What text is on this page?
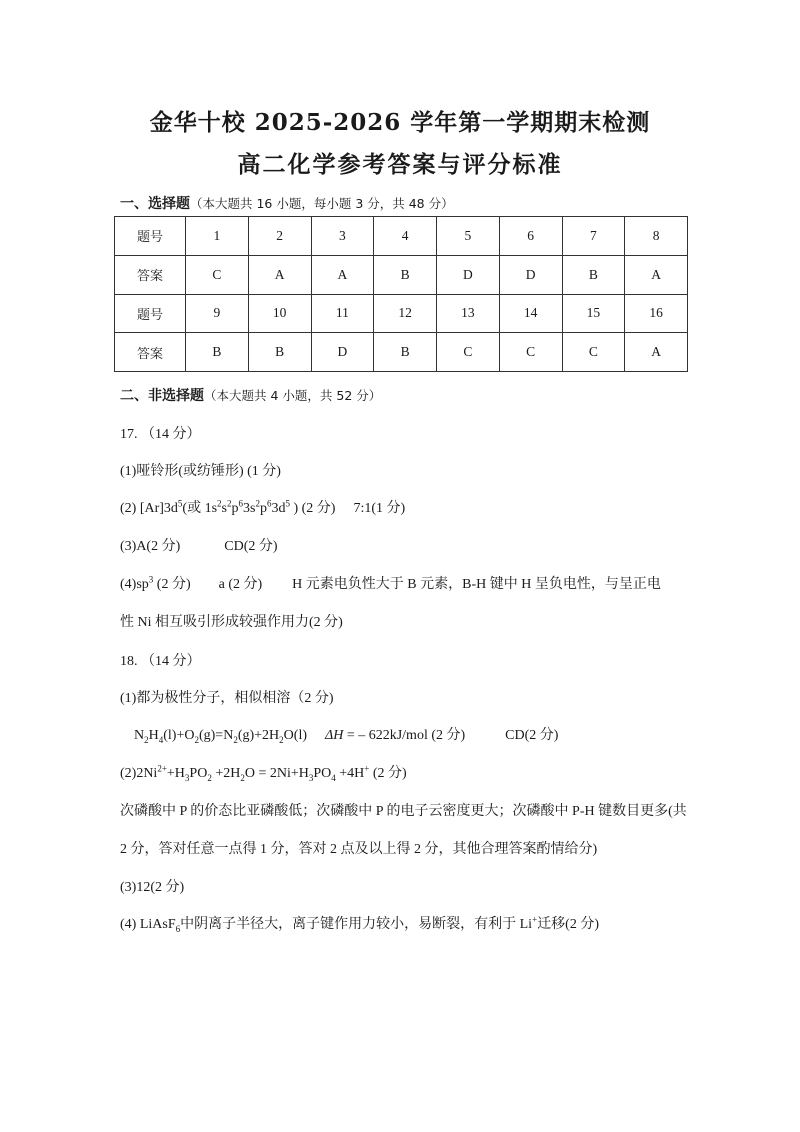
金华十校 2025-2026 学年第一学期期末检测
高二化学参考答案与评分标准
一、选择题（本大题共 16 小题，每小题 3 分，共 48 分）
题号	1	2	3	4	5	6	7	8
答案	C	A	A	B	D	D	B	A
题号	9	10	11	12	13	14	15	16
答案	B	B	D	B	C	C	C	A
二、非选择题（本大题共 4 小题，共 52 分）
17. （14 分）
(1)哑铃形(或纺锤形) (1 分)
(2) $[Ar]3d^5$(或 $1s^2s^2p^63s^2p^63d^5$ ) (2 分) 7:1(1 分)
(3)A(2 分)	CD(2 分)
$(4)sp^3$ (2 分) a (2 分) H 元素电负性大于 B 元素，B-H 键中 H 呈负电性，与呈正电
性 Ni 相互吸引形成较强作用力(2 分)
18. （14 分）
(1)都为极性分子，相似相溶（2 分)
$N_2H_4(l)+O_2(g)=N_2(g)+2H_2O(l) \Delta H$ = – 622kJ/mol (2 分)	CD(2 分)
$(2)2Ni^{2+}+H_3PO_2 +2H_2O = 2Ni+H_3PO_4 +4H^+$ (2 分)
次磷酸中 P 的价态比亚磷酸低；次磷酸中 P 的电子云密度更大；次磷酸中 P-H 键数目更多(共
2 分，答对任意一点得 1 分，答对 2 点及以上得 2 分，其他合理答案酌情给分)
(3)12(2 分)
(4) LiAsF$_6$中阴离子半径大，离子键作用力较小，易断裂，有利于 Li+迁移(2 分)
